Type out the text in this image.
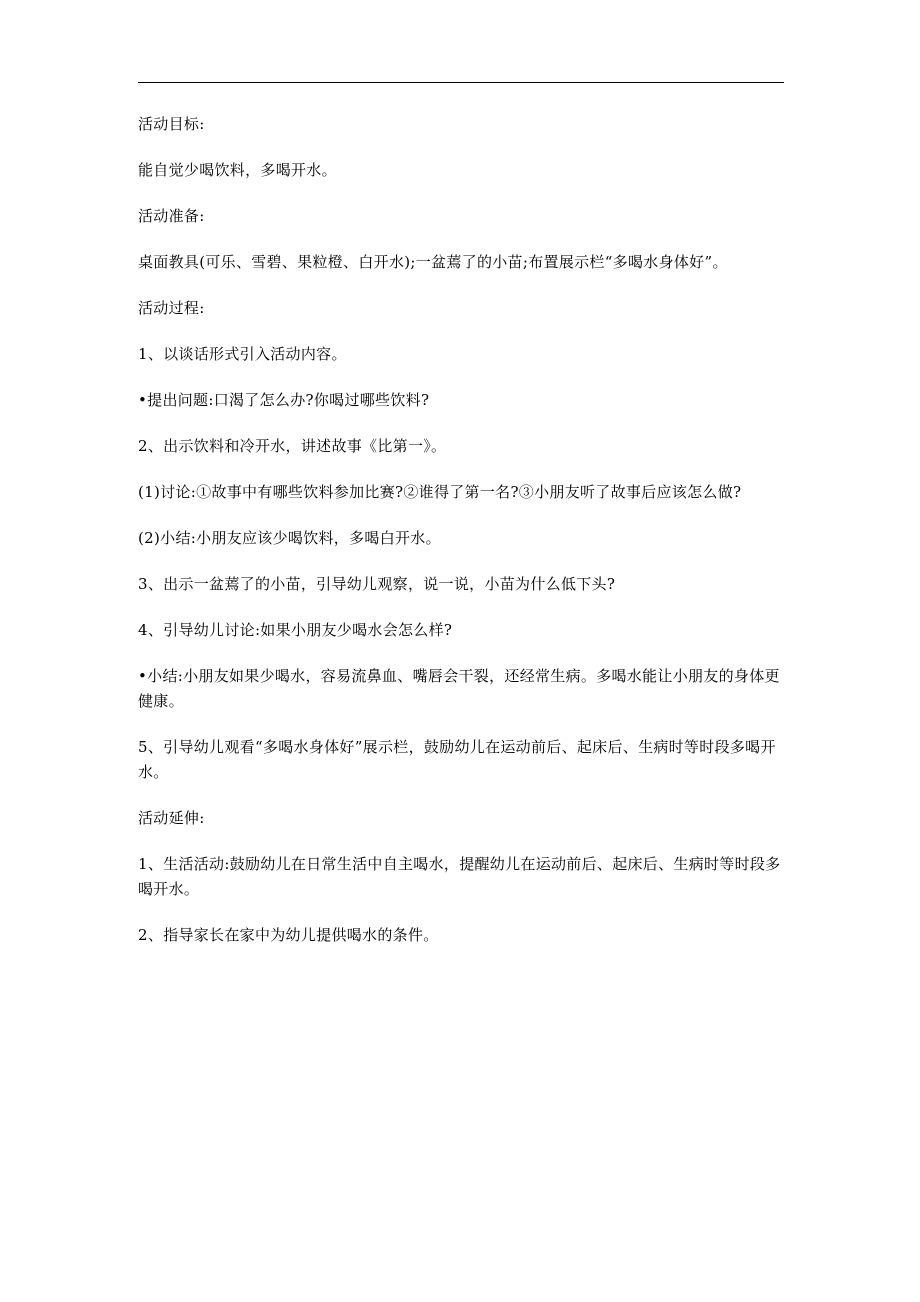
活动目标:

能自觉少喝饮料，多喝开水。

活动准备:

桌面教具(可乐、雪碧、果粒橙、白开水);一盆蔫了的小苗;布置展示栏“多喝水身体好”。

活动过程:

1、以谈话形式引入活动内容。

•提出问题:口渴了怎么办?你喝过哪些饮料?

2、出示饮料和冷开水，讲述故事《比第一》。

(1)讨论:①故事中有哪些饮料参加比赛?②谁得了第一名?③小朋友听了故事后应该怎么做?

(2)小结:小朋友应该少喝饮料，多喝白开水。

3、出示一盆蔫了的小苗，引导幼儿观察，说一说，小苗为什么低下头?

4、引导幼儿讨论:如果小朋友少喝水会怎么样?

•小结:小朋友如果少喝水，容易流鼻血、嘴唇会干裂，还经常生病。多喝水能让小朋友的身体更健康。

5、引导幼儿观看“多喝水身体好”展示栏，鼓励幼儿在运动前后、起床后、生病时等时段多喝开水。

活动延伸:

1、生活活动:鼓励幼儿在日常生活中自主喝水，提醒幼儿在运动前后、起床后、生病时等时段多喝开水。

2、指导家长在家中为幼儿提供喝水的条件。
